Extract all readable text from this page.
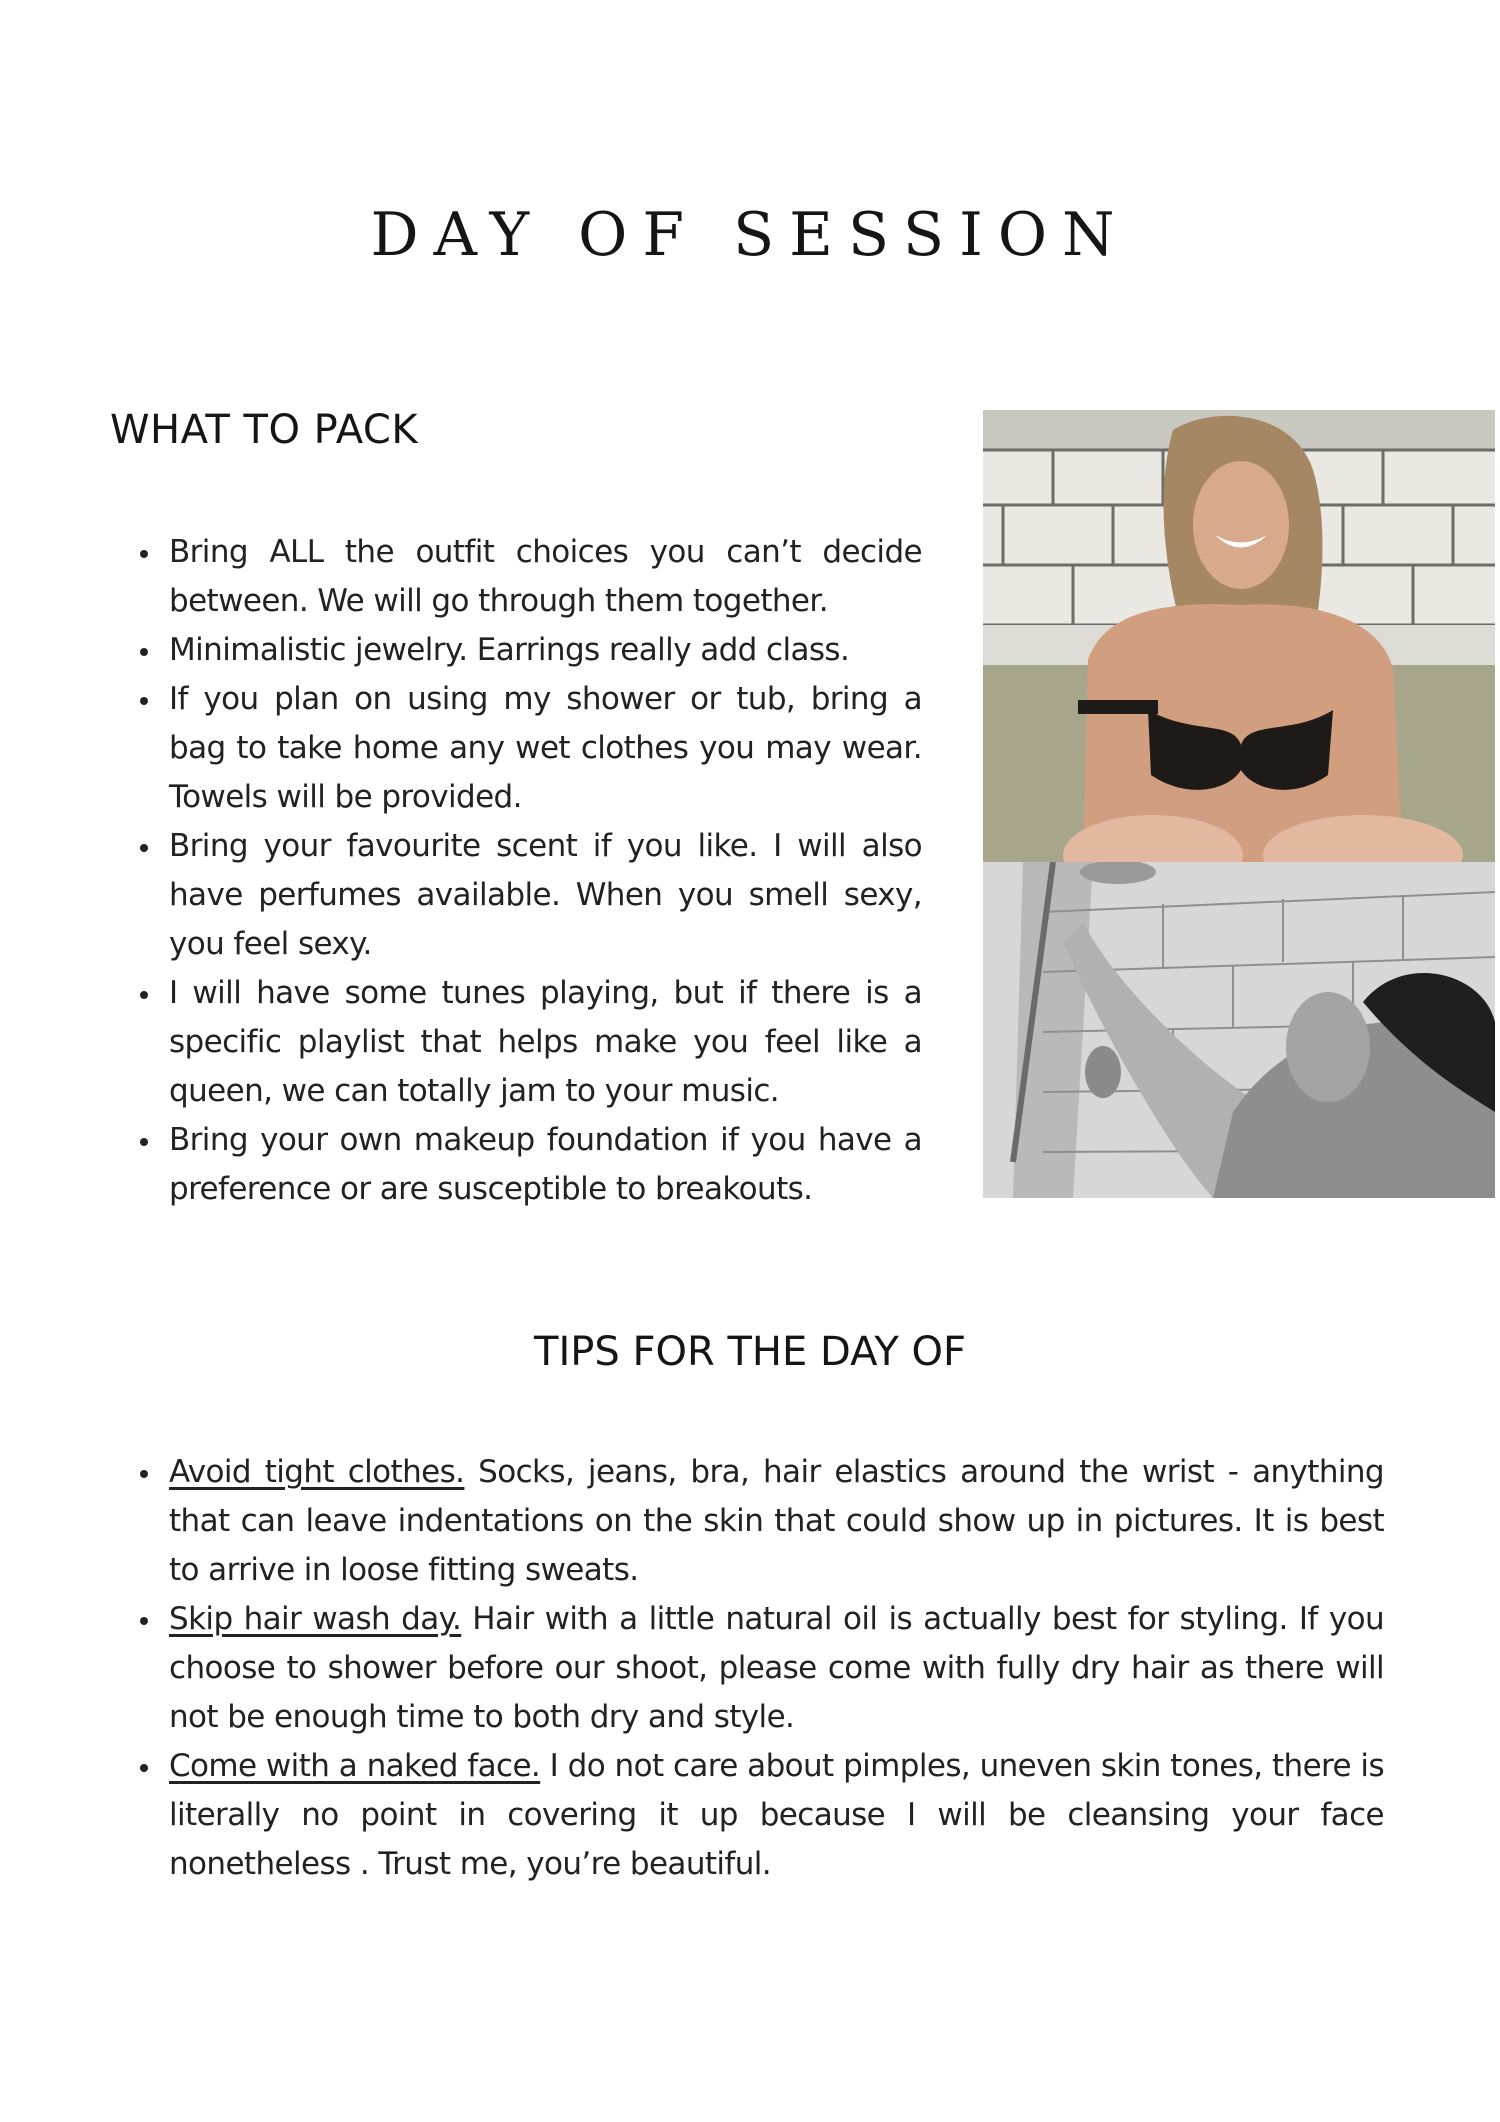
DAY OF SESSION
WHAT TO PACK
Bring ALL the outfit choices you can’t decide between. We will go through them together.
Minimalistic jewelry. Earrings really add class.
If you plan on using my shower or tub, bring a bag to take home any wet clothes you may wear. Towels will be provided.
Bring your favourite scent if you like. I will also have perfumes available. When you smell sexy, you feel sexy.
I will have some tunes playing, but if there is a specific playlist that helps make you feel like a queen, we can totally jam to your music.
Bring your own makeup foundation if you have a preference or are susceptible to breakouts.
TIPS FOR THE DAY OF
Avoid tight clothes. Socks, jeans, bra, hair elastics around the wrist - anything that can leave indentations on the skin that could show up in pictures. It is best to arrive in loose fitting sweats.
Skip hair wash day. Hair with a little natural oil is actually best for styling. If you choose to shower before our shoot, please come with fully dry hair as there will not be enough time to both dry and style.
Come with a naked face. I do not care about pimples, uneven skin tones, there is literally no point in covering it up because I will be cleansing your face nonetheless . Trust me, you’re beautiful.
